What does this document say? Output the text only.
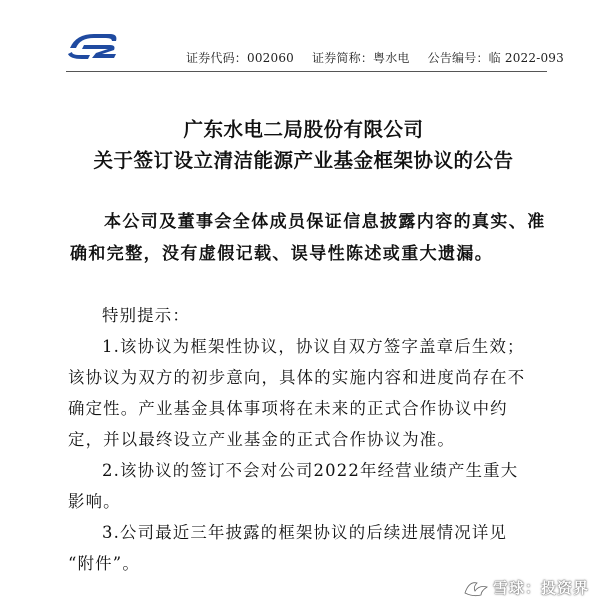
证券代码：002060 证券简称：粤水电 公告编号：临 2022-093
广东水电二局股份有限公司
关于签订设立清洁能源产业基金框架协议的公告
本公司及董事会全体成员保证信息披露内容的真实、准
确和完整，没有虚假记载、误导性陈述或重大遗漏。
特别提示：
1.该协议为框架性协议，协议自双方签字盖章后生效；
该协议为双方的初步意向，具体的实施内容和进度尚存在不
确定性。产业基金具体事项将在未来的正式合作协议中约
定，并以最终设立产业基金的正式合作协议为准。
2.该协议的签订不会对公司2022年经营业绩产生重大
影响。
3.公司最近三年披露的框架协议的后续进展情况详见
“附件”。
雪球：投资界
